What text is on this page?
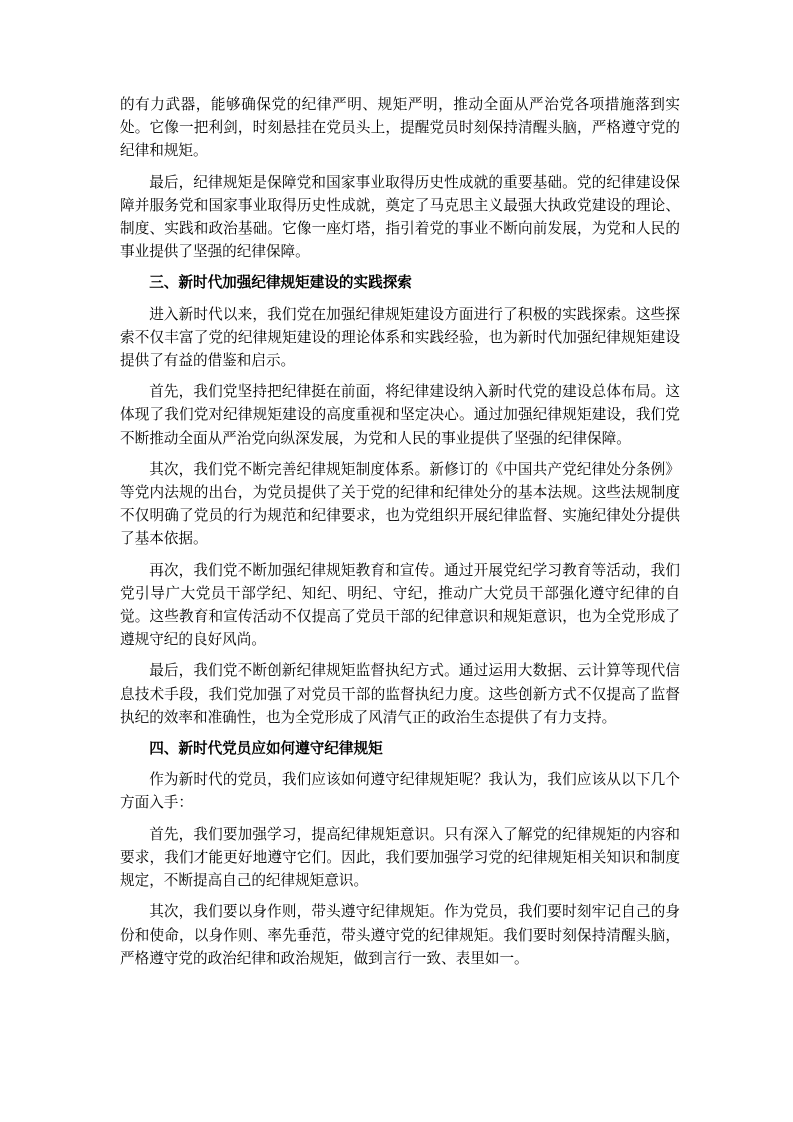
的有力武器，能够确保党的纪律严明、规矩严明，推动全面从严治党各项措施落到实处。它像一把利剑，时刻悬挂在党员头上，提醒党员时刻保持清醒头脑，严格遵守党的纪律和规矩。

最后，纪律规矩是保障党和国家事业取得历史性成就的重要基础。党的纪律建设保障并服务党和国家事业取得历史性成就，奠定了马克思主义最强大执政党建设的理论、制度、实践和政治基础。它像一座灯塔，指引着党的事业不断向前发展，为党和人民的事业提供了坚强的纪律保障。

三、新时代加强纪律规矩建设的实践探索

进入新时代以来，我们党在加强纪律规矩建设方面进行了积极的实践探索。这些探索不仅丰富了党的纪律规矩建设的理论体系和实践经验，也为新时代加强纪律规矩建设提供了有益的借鉴和启示。

首先，我们党坚持把纪律挺在前面，将纪律建设纳入新时代党的建设总体布局。这体现了我们党对纪律规矩建设的高度重视和坚定决心。通过加强纪律规矩建设，我们党不断推动全面从严治党向纵深发展，为党和人民的事业提供了坚强的纪律保障。

其次，我们党不断完善纪律规矩制度体系。新修订的《中国共产党纪律处分条例》等党内法规的出台，为党员提供了关于党的纪律和纪律处分的基本法规。这些法规制度不仅明确了党员的行为规范和纪律要求，也为党组织开展纪律监督、实施纪律处分提供了基本依据。

再次，我们党不断加强纪律规矩教育和宣传。通过开展党纪学习教育等活动，我们党引导广大党员干部学纪、知纪、明纪、守纪，推动广大党员干部强化遵守纪律的自觉。这些教育和宣传活动不仅提高了党员干部的纪律意识和规矩意识，也为全党形成了遵规守纪的良好风尚。

最后，我们党不断创新纪律规矩监督执纪方式。通过运用大数据、云计算等现代信息技术手段，我们党加强了对党员干部的监督执纪力度。这些创新方式不仅提高了监督执纪的效率和准确性，也为全党形成了风清气正的政治生态提供了有力支持。

四、新时代党员应如何遵守纪律规矩

作为新时代的党员，我们应该如何遵守纪律规矩呢？我认为，我们应该从以下几个方面入手：

首先，我们要加强学习，提高纪律规矩意识。只有深入了解党的纪律规矩的内容和要求，我们才能更好地遵守它们。因此，我们要加强学习党的纪律规矩相关知识和制度规定，不断提高自己的纪律规矩意识。

其次，我们要以身作则，带头遵守纪律规矩。作为党员，我们要时刻牢记自己的身份和使命，以身作则、率先垂范，带头遵守党的纪律规矩。我们要时刻保持清醒头脑，严格遵守党的政治纪律和政治规矩，做到言行一致、表里如一。
